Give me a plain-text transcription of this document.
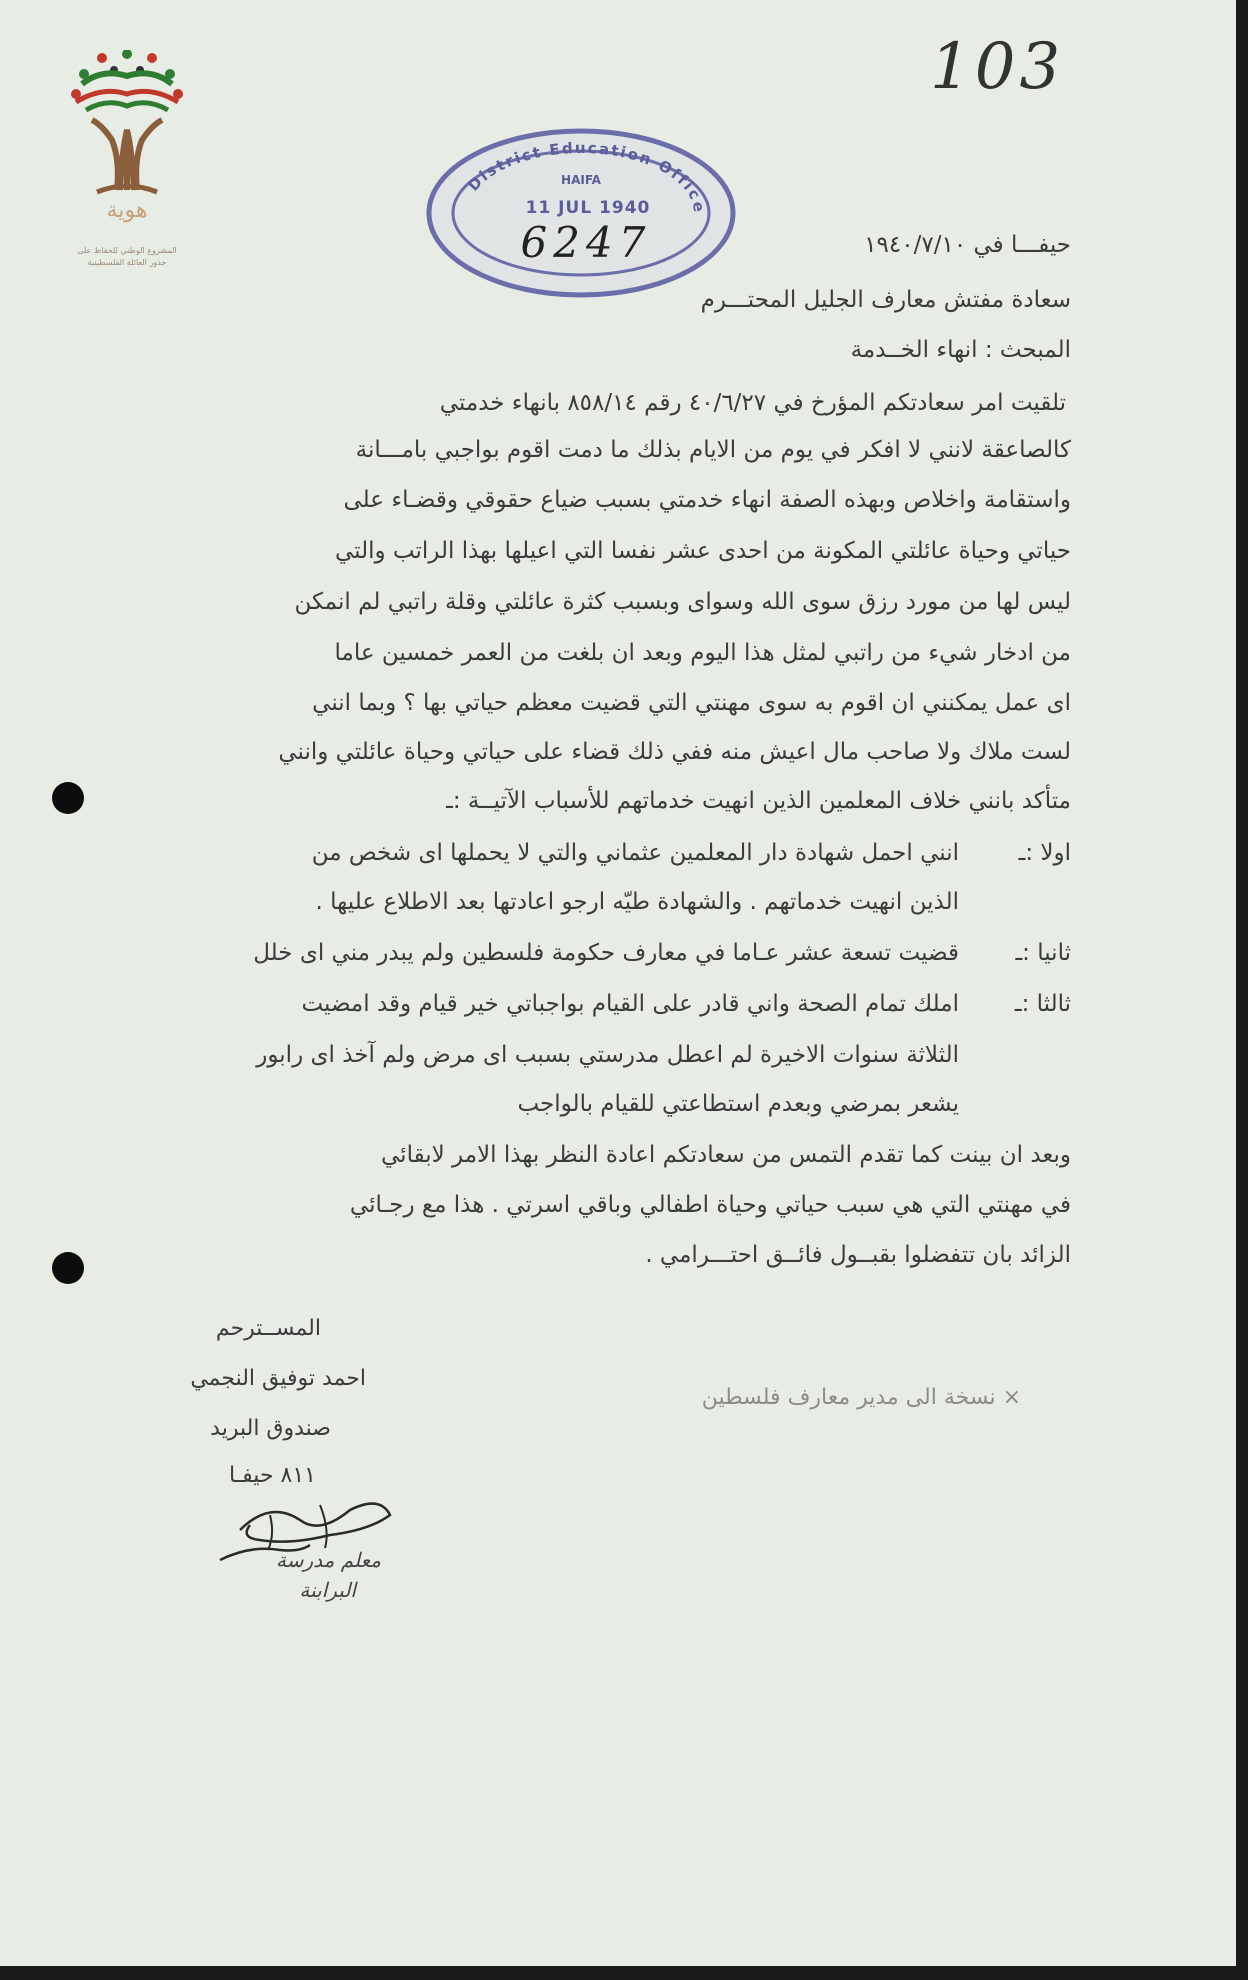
هوية
المشروع الوطني للحفاظ على
جذور العائلة الفلسطينية
103
District Education Office
HAIFA
11 JUL 1940
6247	حيفـــا في ١٩٤٠/٧/١٠

سعادة مفتش معارف الجليل المحتـــرم

المبحث : انهاء الخــدمة

تلقيت امر سعادتكم المؤرخ في ٤٠/٦/٢٧ رقم ٨٥٨/١٤ بانهاء خدمتي

كالصاعقة لانني لا افكر في يوم من الايام بذلك ما دمت اقوم بواجبي بامـــانة

واستقامة واخلاص وبهذه الصفة انهاء خدمتي بسبب ضياع حقوقي وقضـاء على

حياتي وحياة عائلتي المكونة من احدى عشر نفسا التي اعيلها بهذا الراتب والتي

ليس لها من مورد رزق سوى الله وسواى وبسبب كثرة عائلتي وقلة راتبي لم انمكن

من ادخار شيء من راتبي لمثل هذا اليوم وبعد ان بلغت من العمر خمسين عاما

اى عمل يمكنني ان اقوم به سوى مهنتي التي قضيت معظم حياتي بها ؟ وبما انني

لست ملاك ولا صاحب مال اعيش منه ففي ذلك قضاء على حياتي وحياة عائلتي وانني

متأكد بانني خلاف المعلمين الذين انهيت خدماتهم للأسباب الآتيــة :ـ

اولا :ـ

انني احمل شهادة دار المعلمين عثماني والتي لا يحملها اى شخص من

الذين انهيت خدماتهم . والشهادة طيّه ارجو اعادتها بعد الاطلاع عليها .

ثانيا :ـ

قضيت تسعة عشر عـاما في معارف حكومة فلسطين ولم يبدر مني اى خلل

ثالثا :ـ

املك تمام الصحة واني قادر على القيام بواجباتي خير قيام وقد امضيت

الثلاثة سنوات الاخيرة لم اعطل مدرستي بسبب اى مرض ولم آخذ اى رابور

يشعر بمرضي وبعدم استطاعتي للقيام بالواجب

وبعد ان بينت كما تقدم التمس من سعادتكم اعادة النظر بهذا الامر لابقائي

في مهنتي التي هي سبب حياتي وحياة اطفالي وباقي اسرتي . هذا مع رجـائي

الزائد بان تتفضلوا بقبــول فائــق احتـــرامي .

× نسخة الى مدير معارف فلسطين

المســترحم

احمد توفيق النجمي

صندوق البريد

٨١١ حيفـا

معلم مدرسة

البرابنة
